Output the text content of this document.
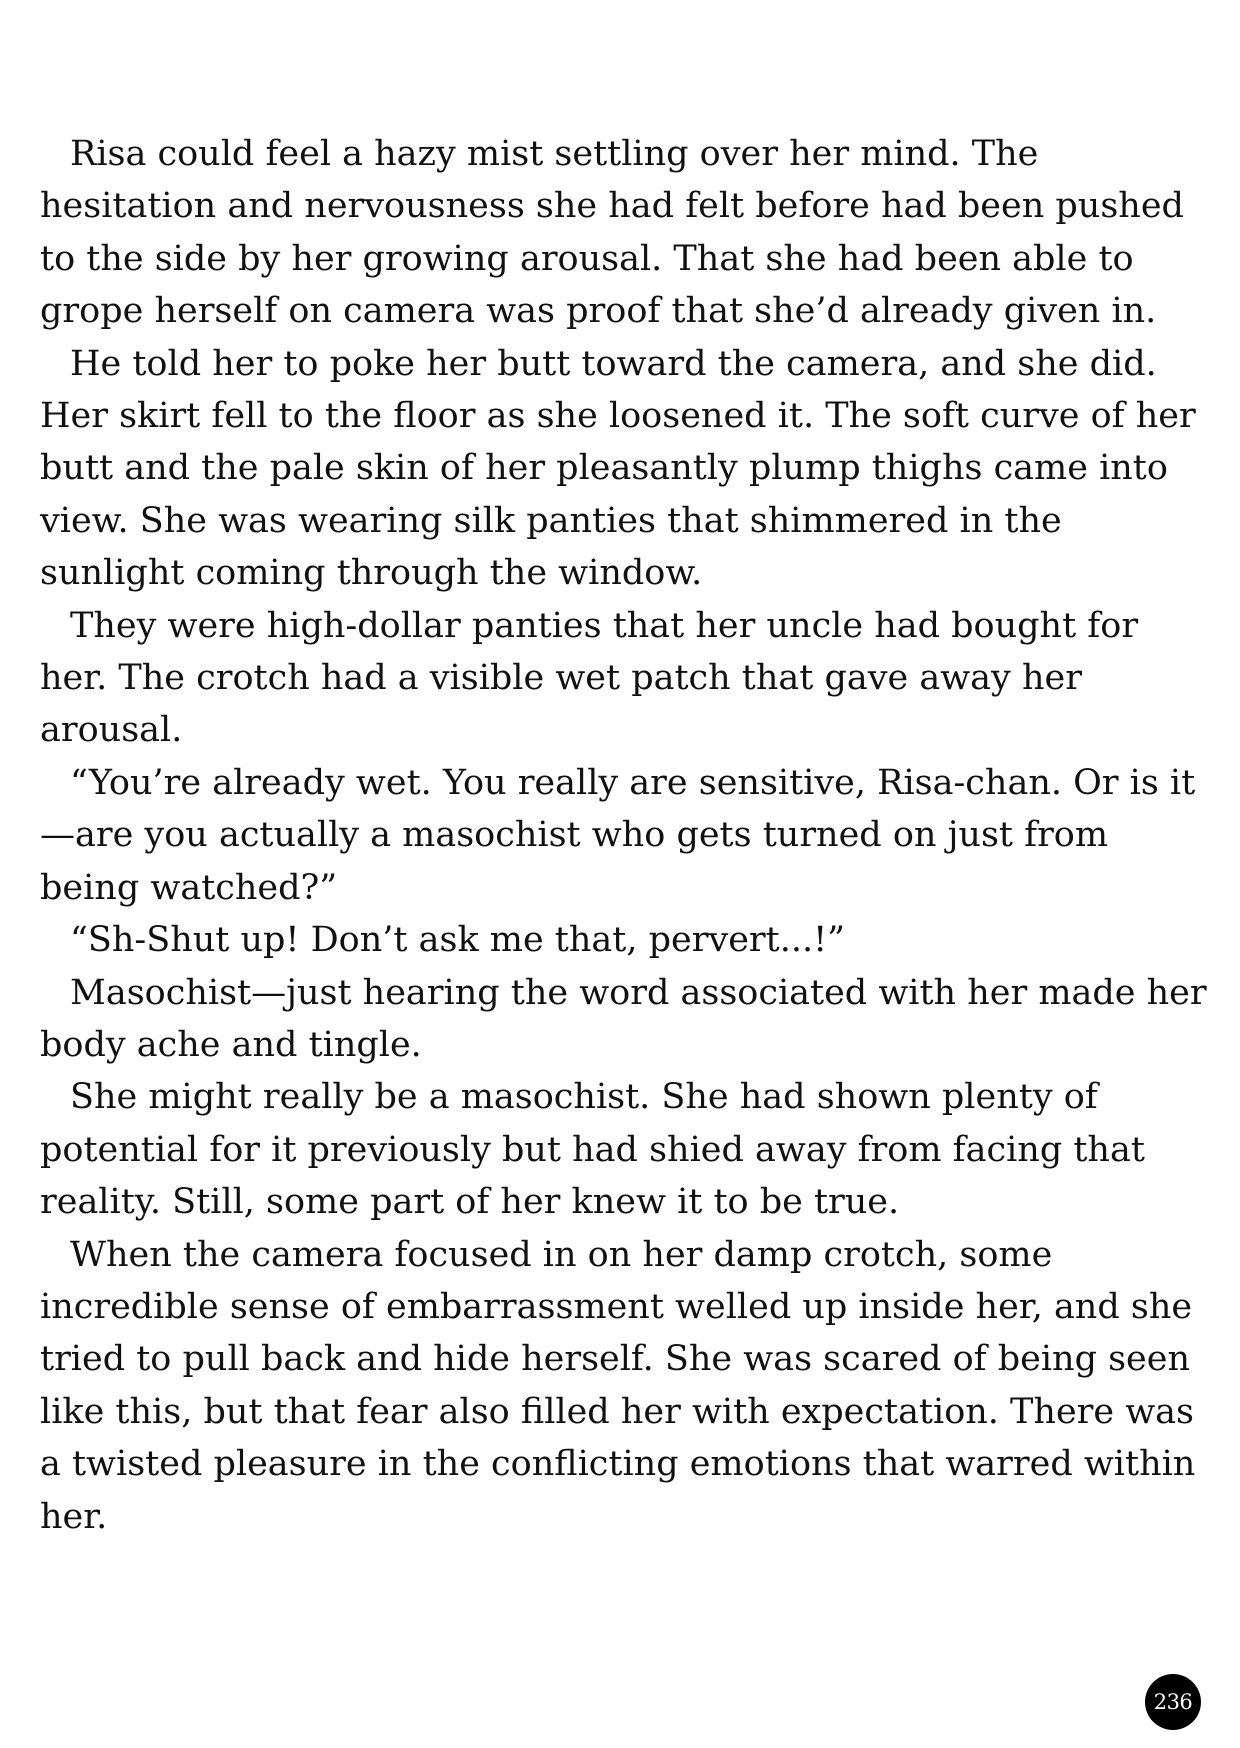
Risa could feel a hazy mist settling over her mind. The hesitation and nervousness she had felt before had been pushed to the side by her growing arousal. That she had been able to grope herself on camera was proof that she’d already given in.

He told her to poke her butt toward the camera, and she did. Her skirt fell to the floor as she loosened it. The soft curve of her butt and the pale skin of her pleasantly plump thighs came into view. She was wearing silk panties that shimmered in the sunlight coming through the window.

They were high-dollar panties that her uncle had bought for her. The crotch had a visible wet patch that gave away her arousal.

“You’re already wet. You really are sensitive, Risa-chan. Or is it—are you actually a masochist who gets turned on just from being watched?”

“Sh-Shut up! Don’t ask me that, pervert...!”

Masochist—just hearing the word associated with her made her body ache and tingle.

She might really be a masochist. She had shown plenty of potential for it previously but had shied away from facing that reality. Still, some part of her knew it to be true.

When the camera focused in on her damp crotch, some incredible sense of embarrassment welled up inside her, and she tried to pull back and hide herself. She was scared of being seen like this, but that fear also filled her with expectation. There was a twisted pleasure in the conflicting emotions that warred within her.

236
